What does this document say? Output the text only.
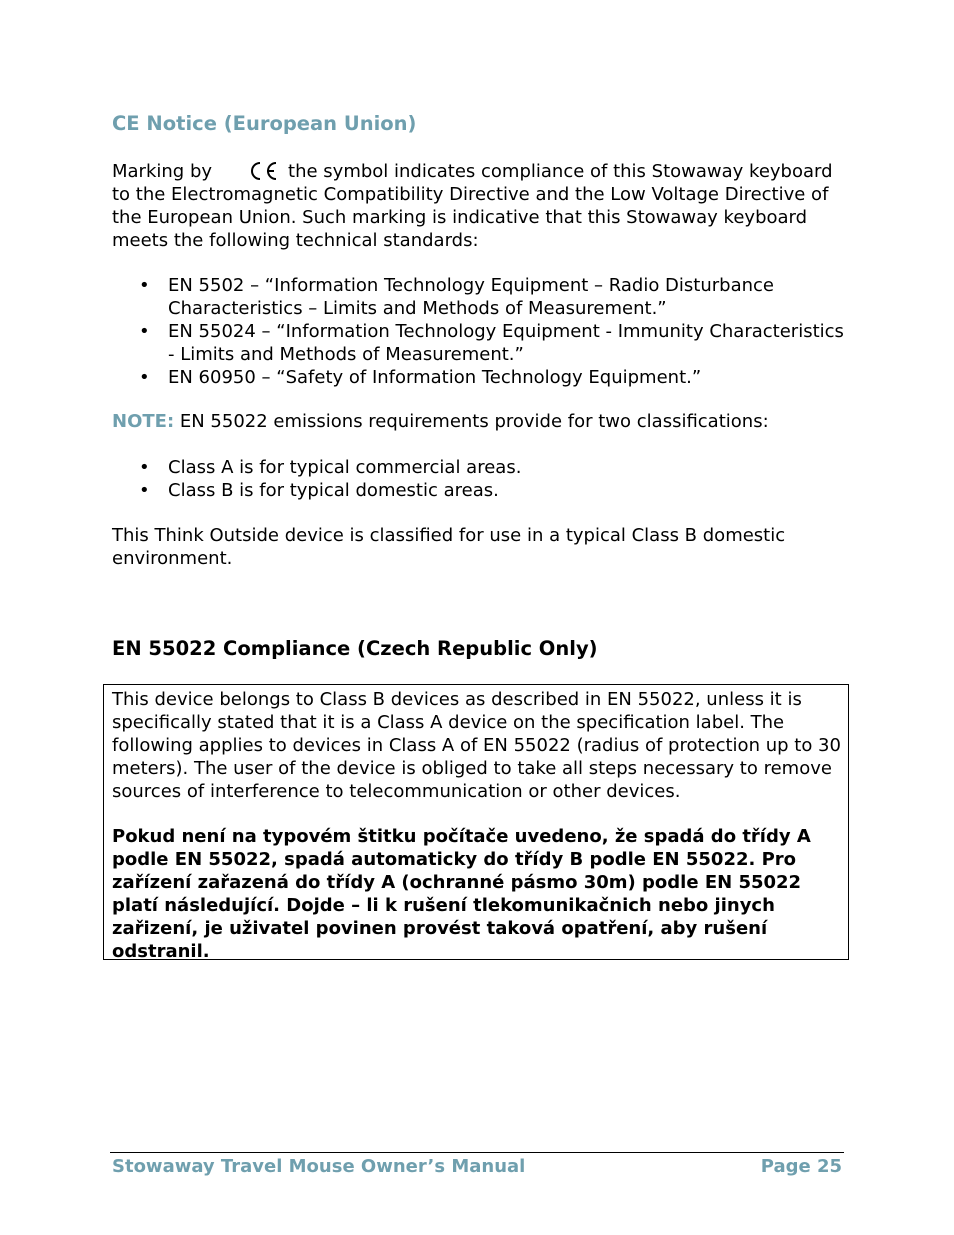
CE Notice (European Union)
Marking by	the symbol indicates compliance of this Stowaway keyboard to the Electromagnetic Compatibility Directive and the Low Voltage Directive of the European Union. Such marking is indicative that this Stowaway keyboard meets the following technical standards:
• EN 5502 – “Information Technology Equipment – Radio Disturbance Characteristics – Limits and Methods of Measurement.”
• EN 55024 – “Information Technology Equipment - Immunity Characteristics - Limits and Methods of Measurement.”
• EN 60950 – “Safety of Information Technology Equipment.”
NOTE: EN 55022 emissions requirements provide for two classifications:
• Class A is for typical commercial areas.
• Class B is for typical domestic areas.
This Think Outside device is classified for use in a typical Class B domestic environment.
EN 55022 Compliance (Czech Republic Only)

This device belongs to Class B devices as described in EN 55022, unless it is specifically stated that it is a Class A device on the specification label. The following applies to devices in Class A of EN 55022 (radius of protection up to 30 meters). The user of the device is obliged to take all steps necessary to remove sources of interference to telecommunication or other devices.

Pokud není na typovém štitku počítače uvedeno, že spadá do třídy A podle EN 55022, spadá automaticky do třídy B podle EN 55022. Pro zařízení zařazená do třídy A (ochranné pásmo 30m) podle EN 55022 platí následující. Dojde – li k rušení tlekomunikačnich nebo jinych zařizení, je uživatel povinen provést taková opatření, aby rušení odstranil.

Stowaway Travel Mouse Owner’s Manual	Page 25
